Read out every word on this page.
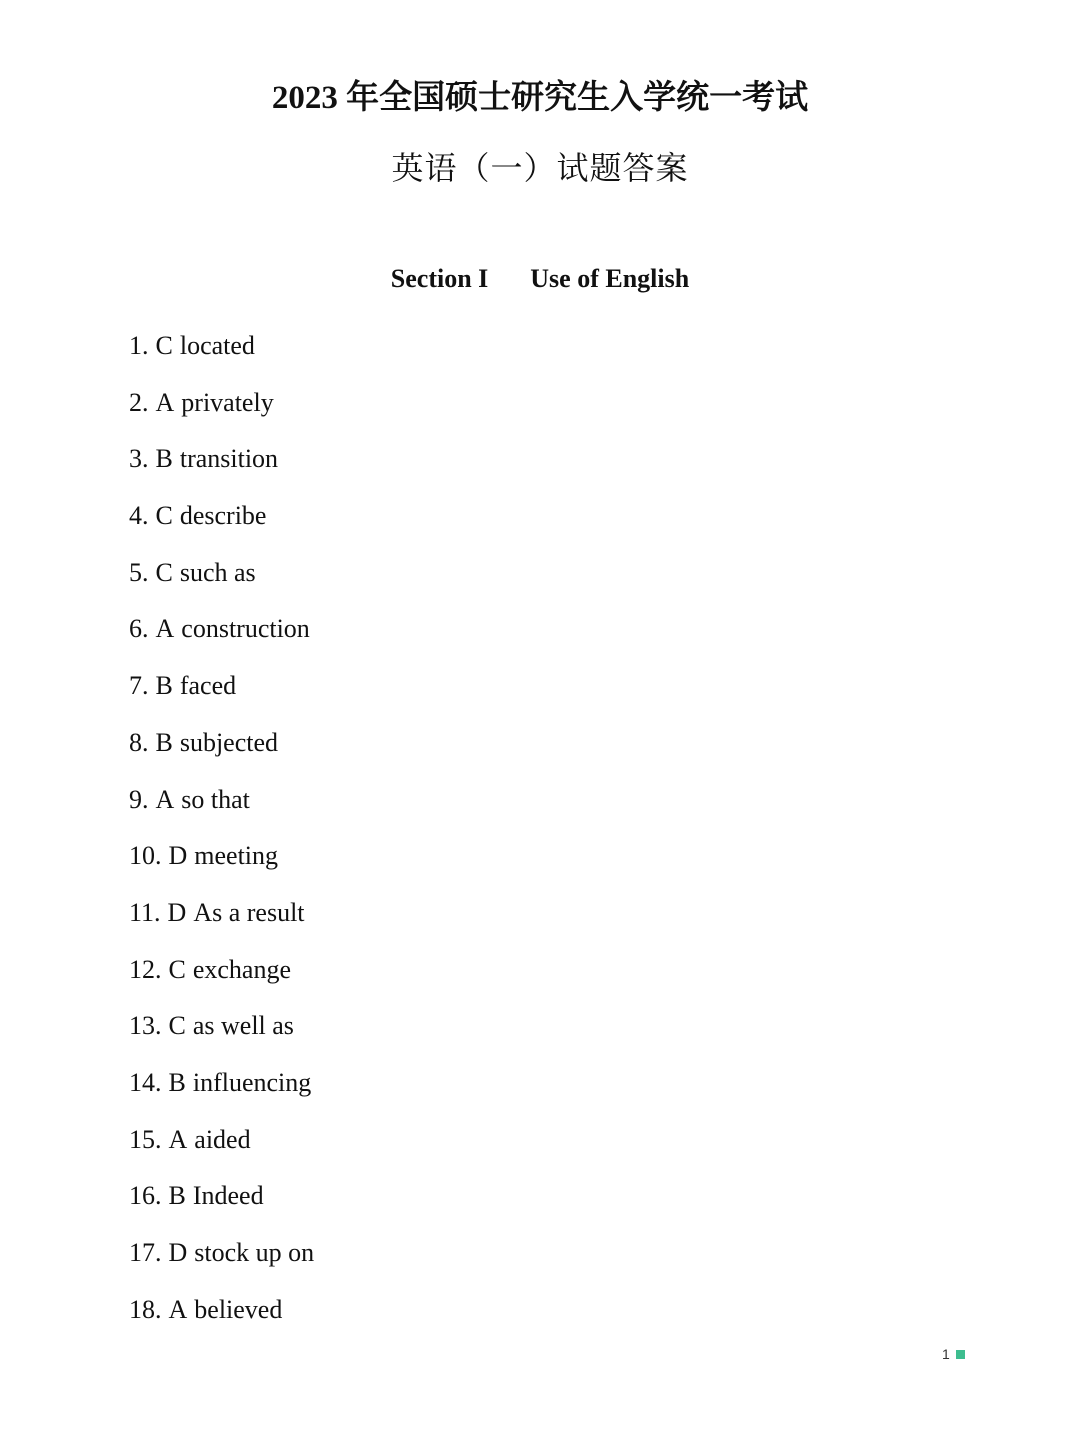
2023 年全国硕士研究生入学统一考试
英语（一）试题答案
Section I Use of English
1. C located
2. A privately
3. B transition
4. C describe
5. C such as
6. A construction
7. B faced
8. B subjected
9. A so that
10. D meeting
11. D As a result
12. C exchange
13. C as well as
14. B influencing
15. A aided
16. B Indeed
17. D stock up on
18. A believed
1
